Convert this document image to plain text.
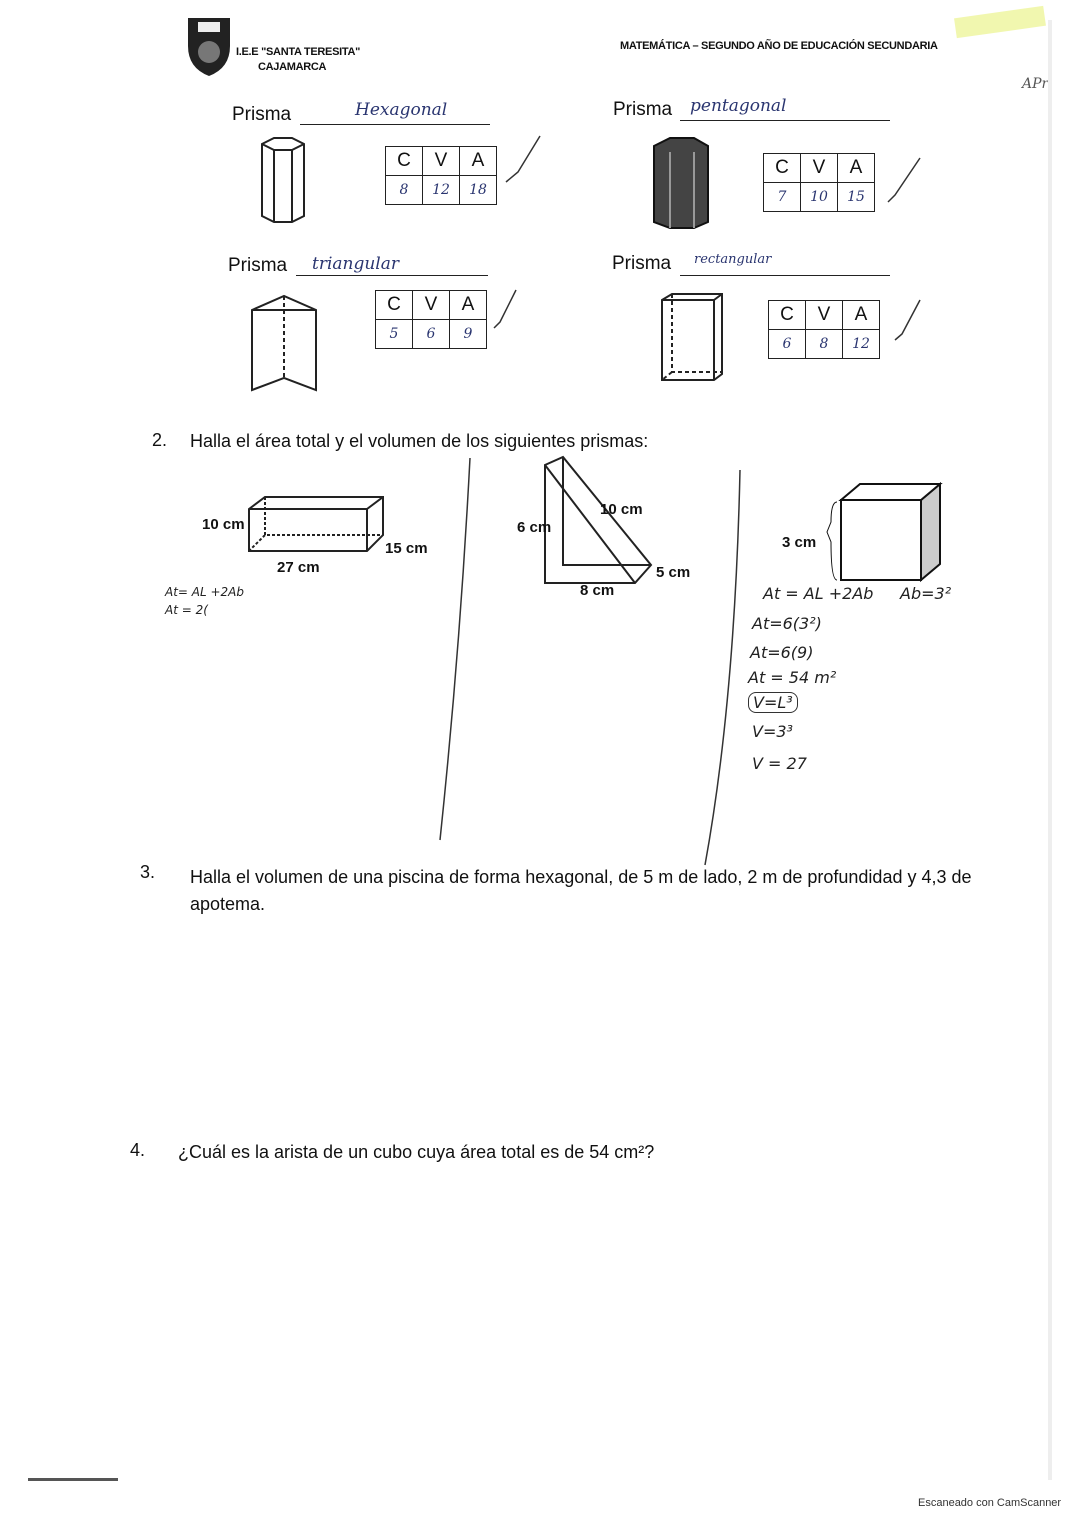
I.E.E "SANTA TERESITA"
CAJAMARCA
MATEMÁTICA – SEGUNDO AÑO DE EDUCACIÓN SECUNDARIA
APr
Prisma	Hexagonal
C	V	A
8	12	18
Prisma pentagonal
C	V	A
7	10	15
Prisma triangular
C	V	A
5	6	9
Prisma rectangular
C	V	A
6	8	12
2. Halla el área total y el volumen de los siguientes prismas:
10 cm
27 cm
15 cm
At= AL +2Ab
At = 2(
6 cm
10 cm
8 cm
5 cm
3 cm
At = AL +2Ab Ab=3²
At=6(3²)
At=6(9)
At = 54 m²
V=L³
V=3³
V = 27
3. Halla el volumen de una piscina de forma hexagonal, de 5 m de lado, 2 m de profundidad y 4,3 de apotema.
4. ¿Cuál es la arista de un cubo cuya área total es de 54 cm²?
Escaneado con CamScanner
